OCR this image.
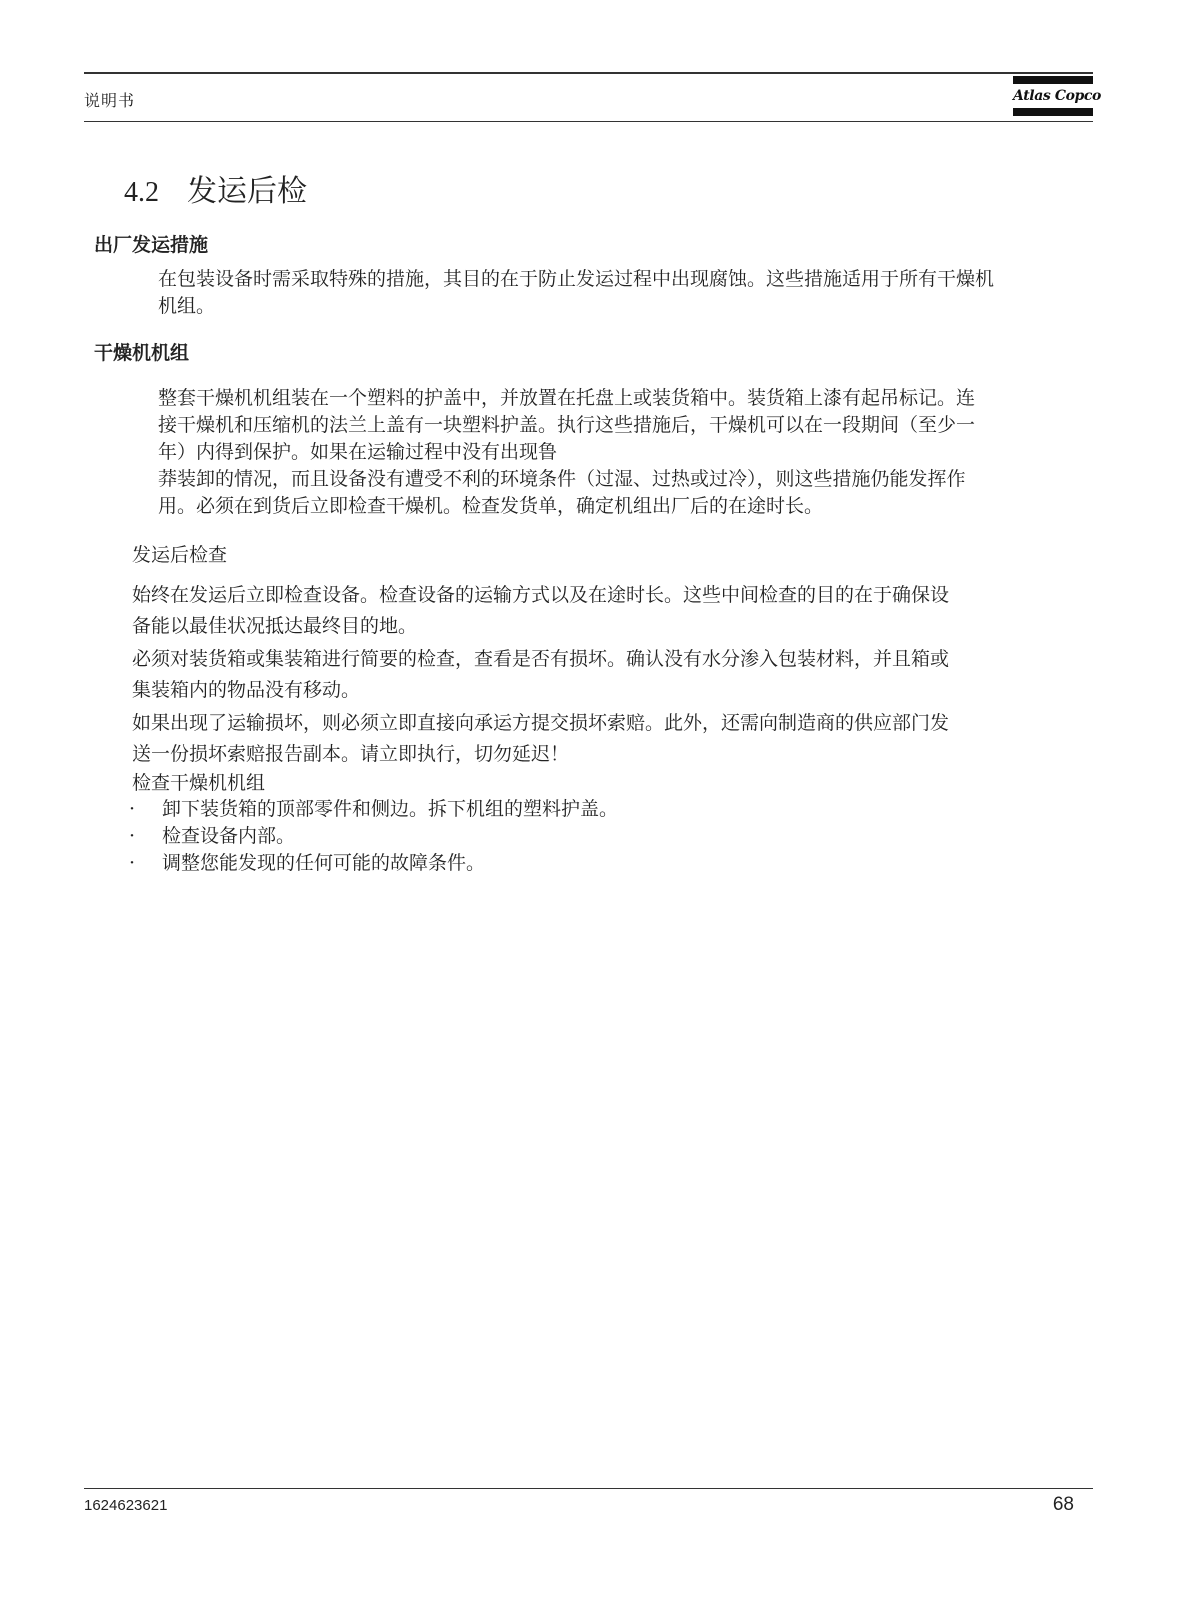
说明书	Atlas Copco
4.2 发运后检
出厂发运措施
在包装设备时需采取特殊的措施，其目的在于防止发运过程中出现腐蚀。这些措施适用于所有干燥机
机组。
干燥机机组
整套干燥机机组装在一个塑料的护盖中，并放置在托盘上或装货箱中。装货箱上漆有起吊标记。连
接干燥机和压缩机的法兰上盖有一块塑料护盖。执行这些措施后，干燥机可以在一段期间（至少一
年）内得到保护。如果在运输过程中没有出现鲁
莽装卸的情况，而且设备没有遭受不利的环境条件（过湿、过热或过冷），则这些措施仍能发挥作
用。必须在到货后立即检查干燥机。检查发货单，确定机组出厂后的在途时长。
发运后检查
始终在发运后立即检查设备。检查设备的运输方式以及在途时长。这些中间检查的目的在于确保设
备能以最佳状况抵达最终目的地。
必须对装货箱或集装箱进行简要的检查，查看是否有损坏。确认没有水分渗入包装材料，并且箱或
集装箱内的物品没有移动。
如果出现了运输损坏，则必须立即直接向承运方提交损坏索赔。此外，还需向制造商的供应部门发
送一份损坏索赔报告副本。请立即执行，切勿延迟！
检查干燥机机组
· 卸下装货箱的顶部零件和侧边。拆下机组的塑料护盖。
· 检查设备内部。
· 调整您能发现的任何可能的故障条件。
1624623621	68
